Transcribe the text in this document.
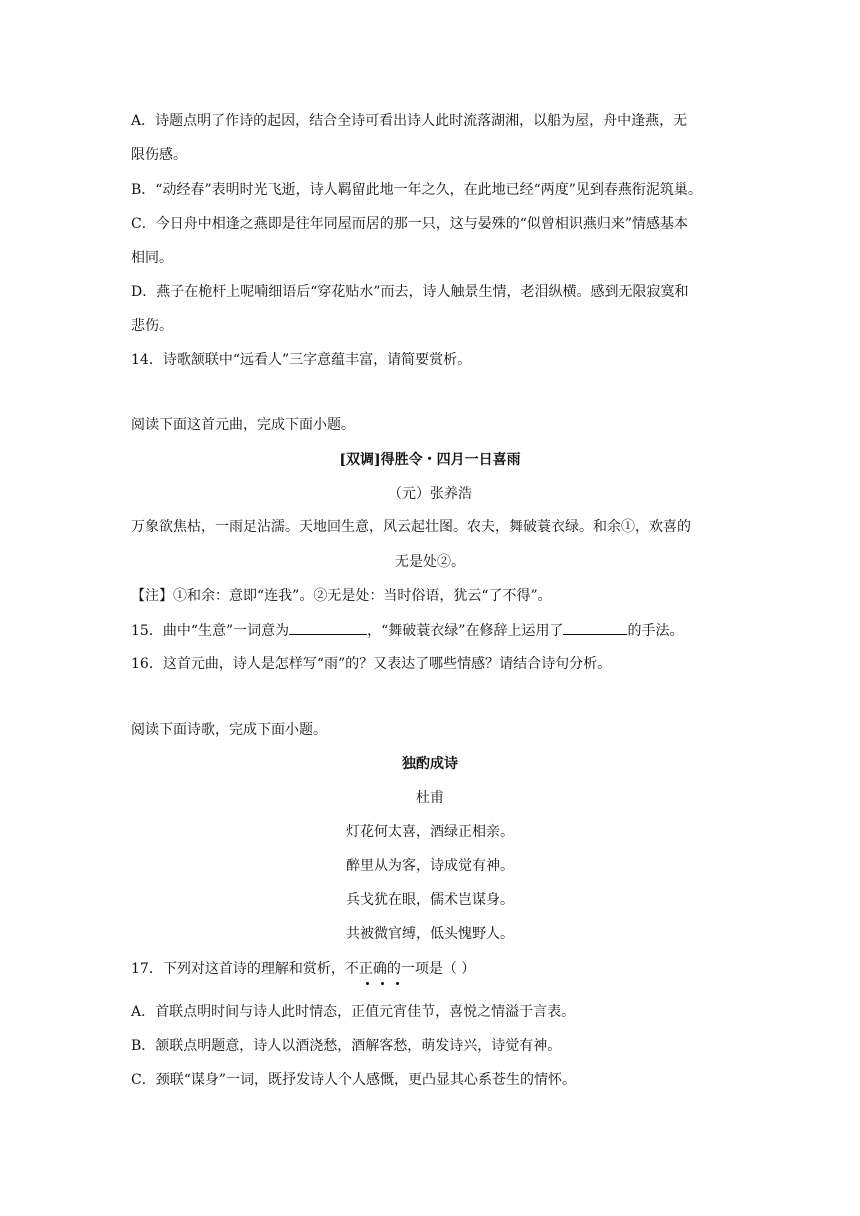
A．诗题点明了作诗的起因，结合全诗可看出诗人此时流落湖湘，以船为屋，舟中逢燕，无
限伤感。
B．“动经春”表明时光飞逝，诗人羁留此地一年之久，在此地已经“两度”见到春燕衔泥筑巢。
C．今日舟中相逢之燕即是往年同屋而居的那一只，这与晏殊的“似曾相识燕归来”情感基本
相同。
D．燕子在桅杆上呢喃细语后“穿花贴水”而去，诗人触景生情，老泪纵横。感到无限寂寞和
悲伤。
14．诗歌颔联中“远看人”三字意蕴丰富，请简要赏析。
阅读下面这首元曲，完成下面小题。
[双调]得胜令・四月一日喜雨
（元）张养浩
万象欲焦枯，一雨足沾濡。天地回生意，风云起壮图。农夫，舞破蓑衣绿。和余①，欢喜的
无是处②。
【注】①和余：意即“连我”。②无是处：当时俗语，犹云“了不得”。
15．曲中“生意”一词意为	，“舞破蓑衣绿”在修辞上运用了	的手法。
16．这首元曲，诗人是怎样写“雨”的？又表达了哪些情感？请结合诗句分析。
阅读下面诗歌，完成下面小题。
独酌成诗
杜甫
灯花何太喜，酒绿正相亲。
醉里从为客，诗成觉有神。
兵戈犹在眼，儒术岂谋身。
共被微官缚，低头愧野人。
17．下列对这首诗的理解和赏析，不正确的一项是（ ）
A．首联点明时间与诗人此时情态，正值元宵佳节，喜悦之情溢于言表。
B．颔联点明题意，诗人以酒浇愁，酒解客愁，萌发诗兴，诗觉有神。
C．颈联“谋身”一词，既抒发诗人个人感慨，更凸显其心系苍生的情怀。
